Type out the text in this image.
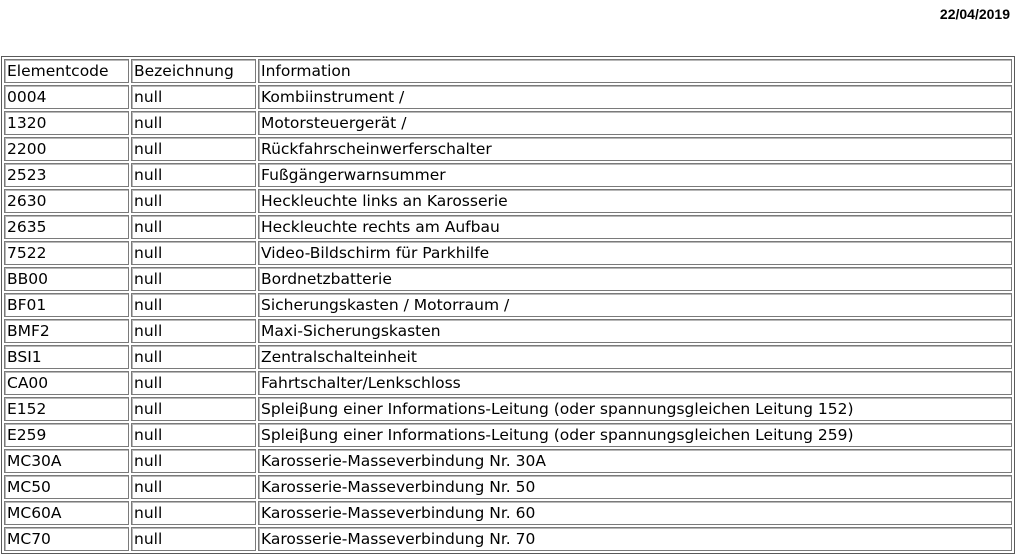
22/04/2019
Elementcode	Bezeichnung	Information
0004	null	Kombiinstrument /
1320	null	Motorsteuergerät /
2200	null	Rückfahrscheinwerferschalter
2523	null	Fußgängerwarnsummer
2630	null	Heckleuchte links an Karosserie
2635	null	Heckleuchte rechts am Aufbau
7522	null	Video-Bildschirm für Parkhilfe
BB00	null	Bordnetzbatterie
BF01	null	Sicherungskasten / Motorraum /
BMF2	null	Maxi-Sicherungskasten
BSI1	null	Zentralschalteinheit
CA00	null	Fahrtschalter/Lenkschloss
E152	null	Spleiβung einer Informations-Leitung (oder spannungsgleichen Leitung 152)
E259	null	Spleiβung einer Informations-Leitung (oder spannungsgleichen Leitung 259)
MC30A	null	Karosserie-Masseverbindung Nr. 30A
MC50	null	Karosserie-Masseverbindung Nr. 50
MC60A	null	Karosserie-Masseverbindung Nr. 60
MC70	null	Karosserie-Masseverbindung Nr. 70
